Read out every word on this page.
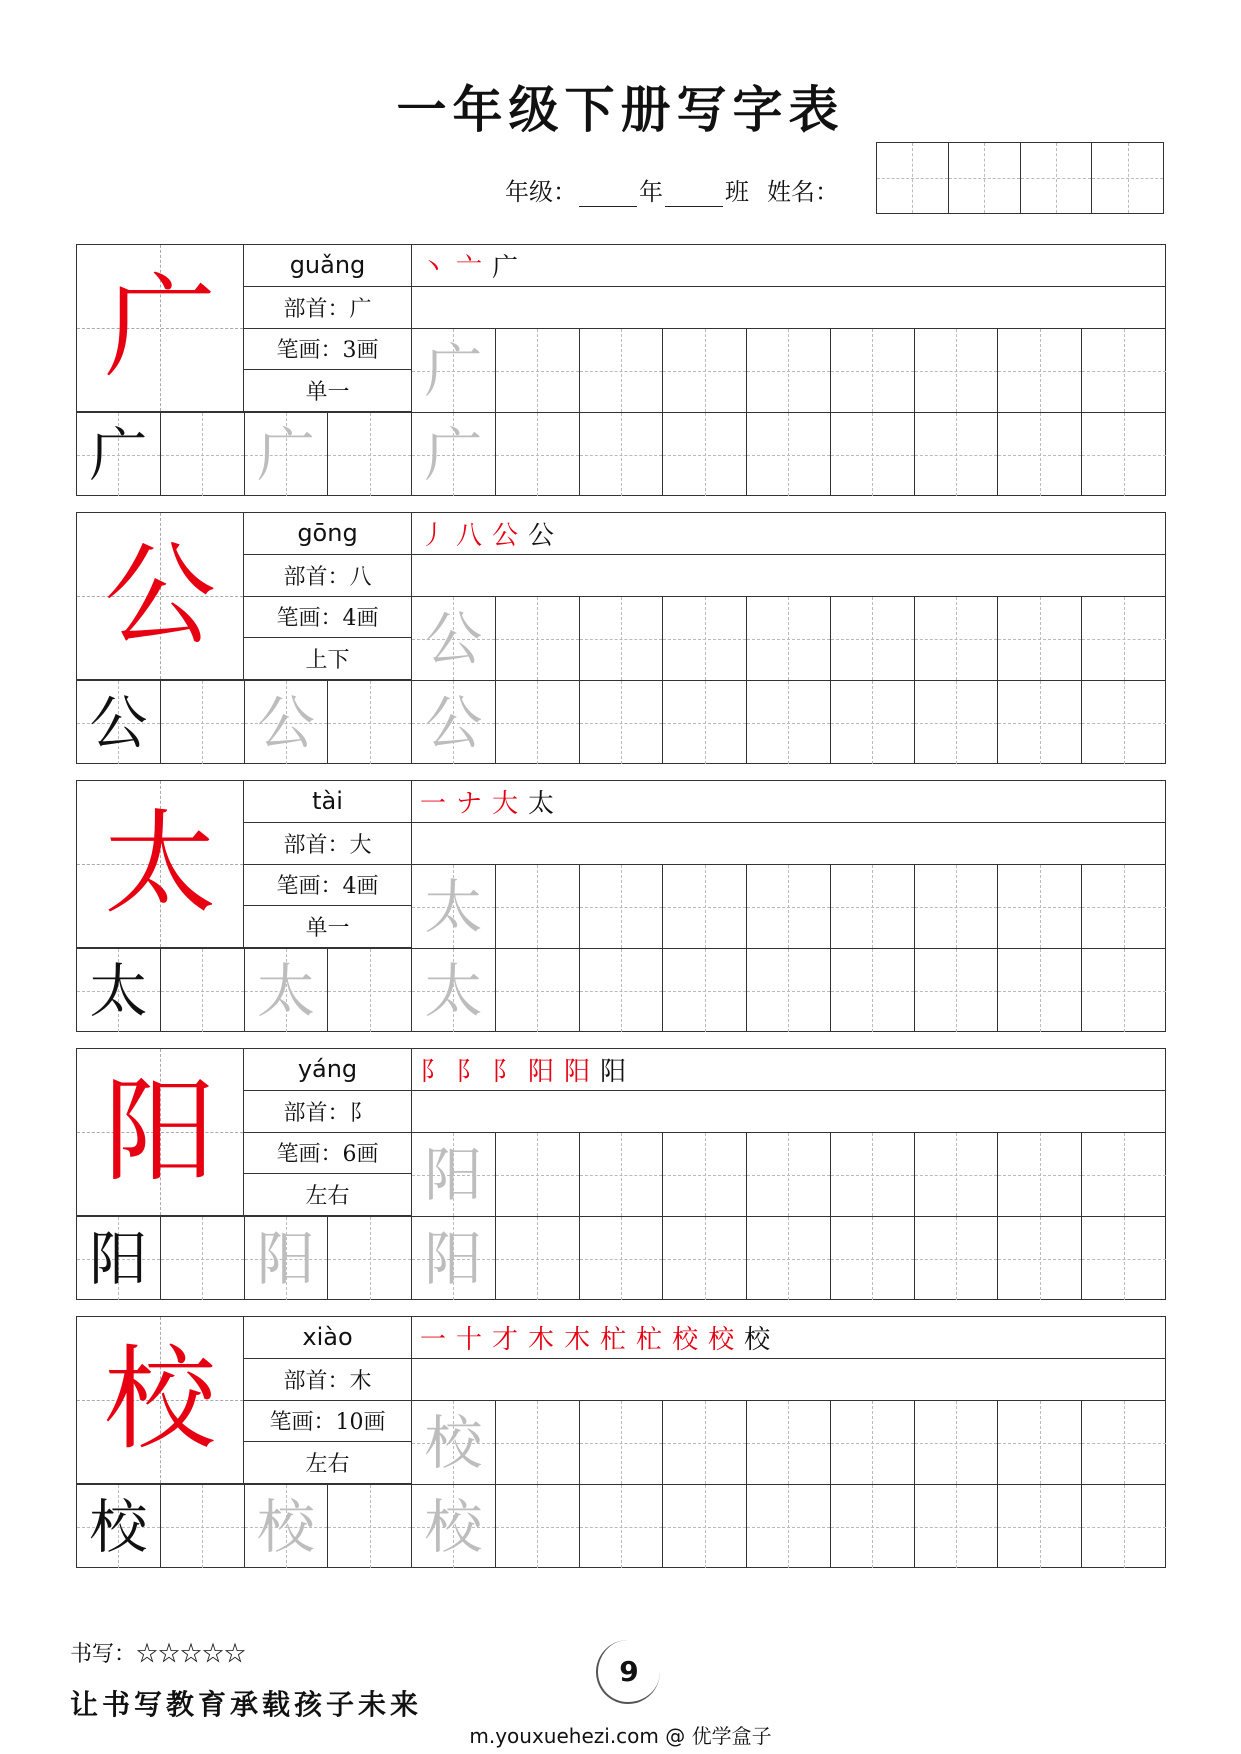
一年级下册写字表
年级：	年	班 姓名：
广	guǎng
部首：广
笔画：3画
单一
丶 亠 广
广
广 广 广
公	gōng
部首：八
笔画：4画
上下
丿 八 公 公
公
公 公 公
太	tài
部首：大
笔画：4画
单一
一 ナ 大 太
太
太 太 太
阳	yáng
部首：阝
笔画：6画
左右
⻖ 阝 阝 阳 阳 阳
阳
阳 阳 阳
校	xiào
部首：木
笔画：10画
左右
一 十 才 木 木 杧 杧 校 校 校
校
校 校 校
书写：☆☆☆☆☆
让书写教育承载孩子未来
9
m.youxuehezi.com @ 优学盒子
